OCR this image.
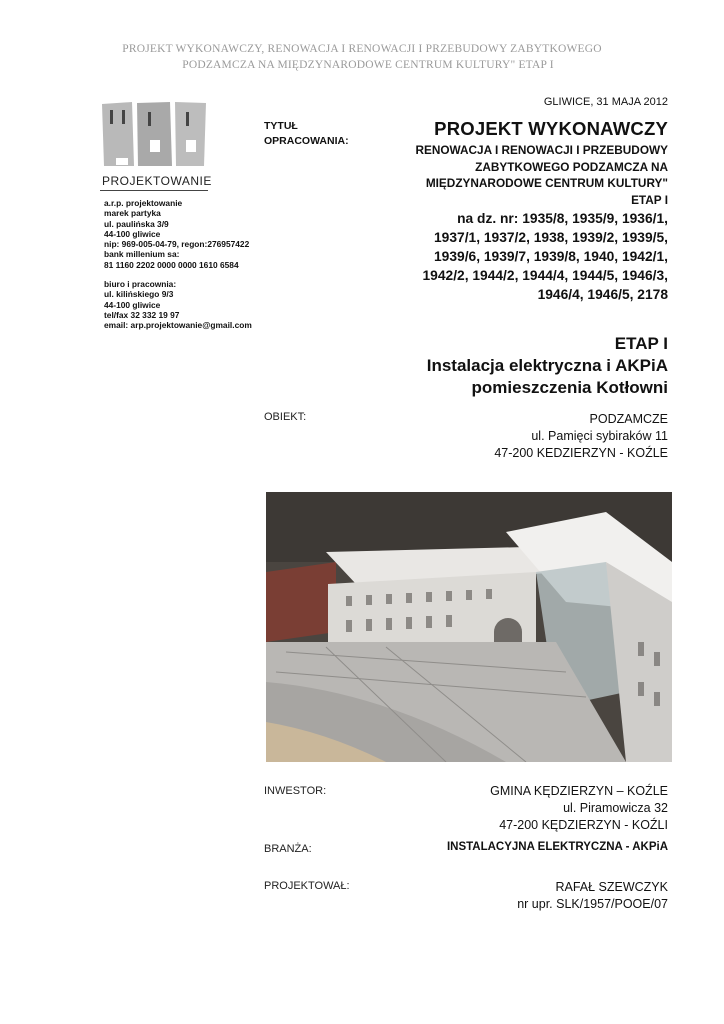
PROJEKT WYKONAWCZY, RENOWACJA I RENOWACJI I PRZEBUDOWY ZABYTKOWEGO
PODZAMCZA NA MIĘDZYNARODOWE CENTRUM KULTURY" ETAP I
PROJEKTOWANIE
a.r.p. projektowanie
marek partyka
ul. paulińska 3/9
44-100 gliwice
nip: 969-005-04-79, regon:276957422
bank millenium sa:
81 1160 2202 0000 0000 1610 6584
biuro i pracownia:
ul. kilińskiego 9/3
44-100 gliwice
tel/fax 32 332 19 97
email: arp.projektowanie@gmail.com
GLIWICE, 31 MAJA 2012
TYTUŁ
OPRACOWANIA:
PROJEKT WYKONAWCZY
RENOWACJA I RENOWACJI I PRZEBUDOWY
ZABYTKOWEGO PODZAMCZA NA
MIĘDZYNARODOWE CENTRUM KULTURY"
ETAP I
na dz. nr: 1935/8, 1935/9, 1936/1,
1937/1, 1937/2, 1938, 1939/2, 1939/5,
1939/6, 1939/7, 1939/8, 1940, 1942/1,
1942/2, 1944/2, 1944/4, 1944/5, 1946/3,
1946/4, 1946/5, 2178
ETAP I
Instalacja elektryczna i AKPiA
pomieszczenia Kotłowni
OBIEKT:	PODZAMCZE
ul. Pamięci sybiraków 11
47-200 KEDZIERZYN - KOŹLE
INWESTOR:	GMINA KĘDZIERZYN – KOŹLE
ul. Piramowicza 32
47-200 KĘDZIERZYN - KOŹLI
BRANŻA:	INSTALACYJNA ELEKTRYCZNA - AKPiA
PROJEKTOWAŁ:	RAFAŁ SZEWCZYK
nr upr. SLK/1957/POOE/07
